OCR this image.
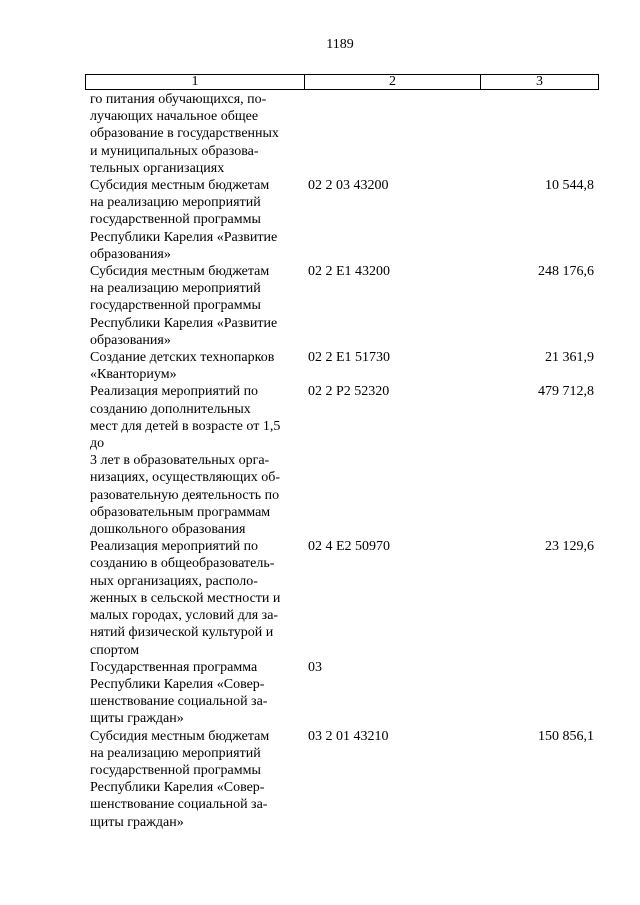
1189
1	2	3
го питания обучающихся, по-
лучающих начальное общее
образование в государственных
и муниципальных образова-
тельных организациях
Субсидия местным бюджетам
на реализацию мероприятий
государственной программы
Республики Карелия «Развитие
образования»
02 2 03 43200	10 544,8
Субсидия местным бюджетам
на реализацию мероприятий
государственной программы
Республики Карелия «Развитие
образования»
02 2 E1 43200	248 176,6
Создание детских технопарков
«Кванториум»
02 2 E1 51730	21 361,9
Реализация мероприятий по
созданию дополнительных
мест для детей в возрасте от 1,5
до
3 лет в образовательных орга-
низациях, осуществляющих об-
разовательную деятельность по
образовательным программам
дошкольного образования
02 2 P2 52320	479 712,8
Реализация мероприятий по
созданию в общеобразователь-
ных организациях, располо-
женных в сельской местности и
малых городах, условий для за-
нятий физической культурой и
спортом
02 4 E2 50970	23 129,6
Государственная программа
Республики Карелия «Совер-
шенствование социальной за-
щиты граждан»
03
Субсидия местным бюджетам
на реализацию мероприятий
государственной программы
Республики Карелия «Совер-
шенствование социальной за-
щиты граждан»
03 2 01 43210	150 856,1
